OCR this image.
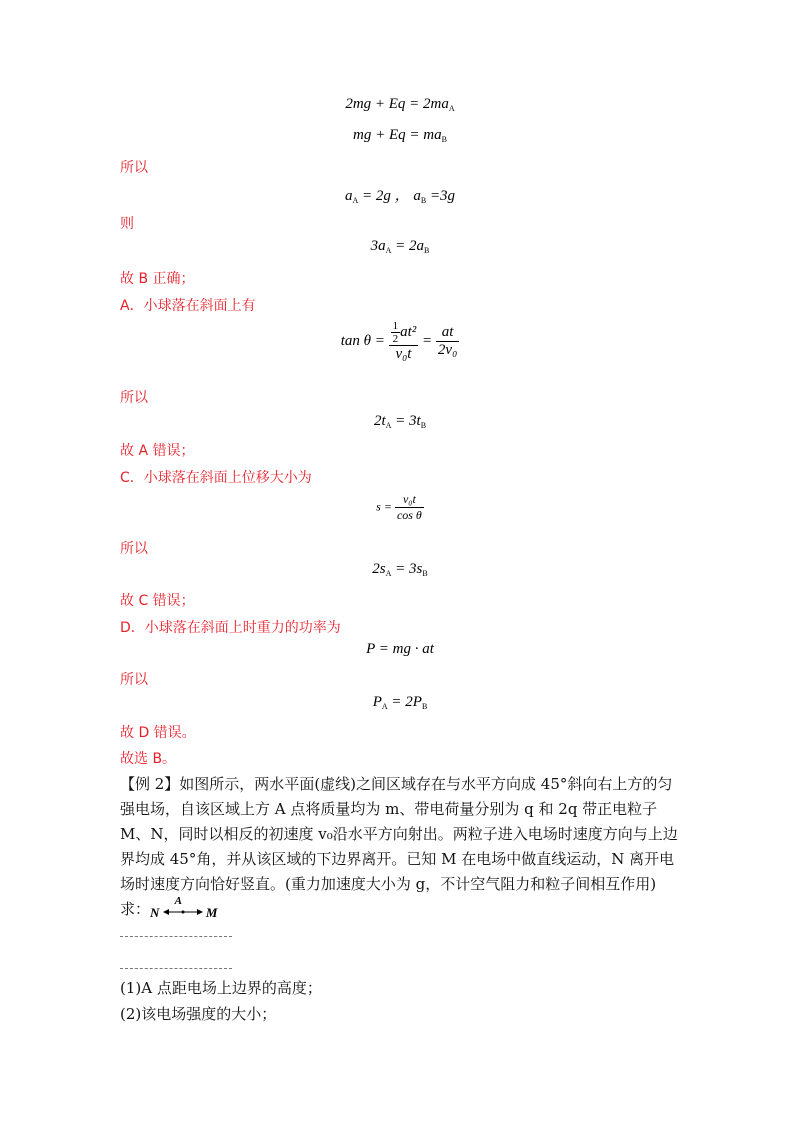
$2mg + Eq = 2ma_A$
mg + $Eq = ma_B$
所以
$a_A = 2g$ ， $a_B =3g$
则
$3a_A = 2a_B$
故 B 正确；
A．小球落在斜面上有
$\tan \theta = \frac{\frac{1}{2} at^2}{\text{v₀t}} = \frac{at}{\text{2v₀}}$
所以
$2t_A = 3t_B$
故 A 错误；
C．小球落在斜面上位移大小为
$s = \frac{\text{v₀t}}{\text{cos θ}}$
所以
$2s_A = 3s_B$
故 C 错误；
D．小球落在斜面上时重力的功率为
P = mg · at
所以
$P_A = 2P_B$
故 D 错误。
故选 B。
【例 2】如图所示，两水平面(虚线)之间区域存在与水平方向成 45°斜向右上方的匀强电场，自该区域上方 A 点将质量均为 m、带电荷量分别为 q 和 2q 带正电粒子 M、N，同时以相反的初速度 v₀沿水平方向射出。两粒子进入电场时速度方向与上边界均成 45°角，并从该区域的下边界离开。已知 M 在电场中做直线运动，N 离开电场时速度方向恰好竖直。(重力加速度大小为 g，不计空气阻力和粒子间相互作用)求： N
A
M
(1)A 点距电场上边界的高度；
(2)该电场强度的大小；
